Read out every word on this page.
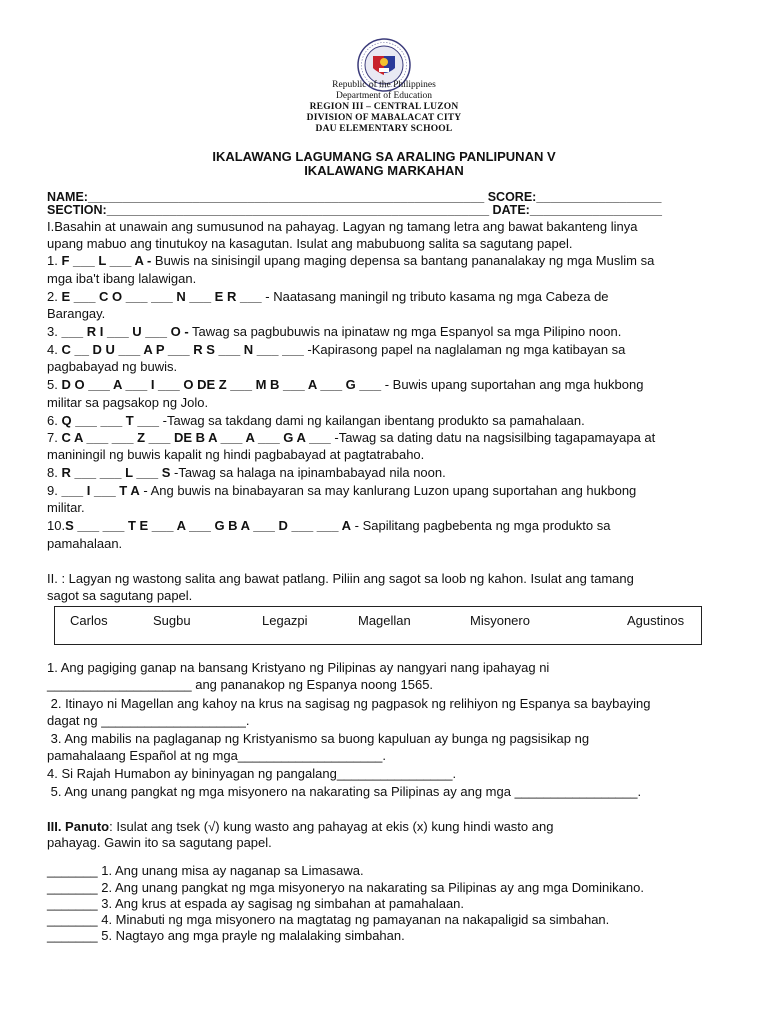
Republic of the Philippines
Department of Education
REGION III – CENTRAL LUZON
DIVISION OF MABALACAT CITY
DAU ELEMENTARY SCHOOL
IKALAWANG LAGUMANG SA ARALING PANLIPUNAN V
IKALAWANG MARKAHAN
NAME:_________________________________________________________ SCORE:__________________
SECTION:_______________________________________________________ DATE:___________________
I.Basahin at unawain ang sumusunod na pahayag. Lagyan ng tamang letra ang bawat bakanteng linya
upang mabuo ang tinutukoy na kasagutan. Isulat ang mabubuong salita sa sagutang papel.
1. F ___ L ___ A - Buwis na sinisingil upang maging depensa sa bantang pananalakay ng mga Muslim sa
mga iba't ibang lalawigan.
2. E ___ C O ___ ___ N ___ E R ___ - Naatasang maningil ng tributo kasama ng mga Cabeza de
Barangay.
3. ___ R I ___ U ___ O - Tawag sa pagbubuwis na ipinataw ng mga Espanyol sa mga Pilipino noon.
4. C __ D U ___ A P ___ R S ___ N ___ ___ -Kapirasong papel na naglalaman ng mga katibayan sa
pagbabayad ng buwis.
5. D O ___ A ___ I ___ O DE Z ___ M B ___ A ___ G ___ - Buwis upang suportahan ang mga hukbong
militar sa pagsakop ng Jolo.
6. Q ___ ___ T ___ -Tawag sa takdang dami ng kailangan ibentang produkto sa pamahalaan.
7. C A ___ ___ Z ___ DE B A ___ A ___ G A ___ -Tawag sa dating datu na nagsisilbing tagapamayapa at
maniningil ng buwis kapalit ng hindi pagbabayad at pagtatrabaho.
8. R ___ ___ L ___ S -Tawag sa halaga na ipinambabayad nila noon.
9. ___ I ___ T A - Ang buwis na binabayaran sa may kanlurang Luzon upang suportahan ang hukbong
militar.
10.S ___ ___ T E ___ A ___ G B A ___ D ___ ___ A - Sapilitang pagbebenta ng mga produkto sa
pamahalaan.
II. : Lagyan ng wastong salita ang bawat patlang. Piliin ang sagot sa loob ng kahon. Isulat ang tamang
sagot sa sagutang papel.
Carlos	Sugbu	Legazpi	Magellan	Misyonero	Agustinos
1. Ang pagiging ganap na bansang Kristyano ng Pilipinas ay nangyari nang ipahayag ni
____________________ ang pananakop ng Espanya noong 1565.
2. Itinayo ni Magellan ang kahoy na krus na sagisag ng pagpasok ng relihiyon ng Espanya sa baybaying
dagat ng ____________________.
3. Ang mabilis na paglaganap ng Kristyanismo sa buong kapuluan ay bunga ng pagsisikap ng
pamahalaang Español at ng mga____________________.
4. Si Rajah Humabon ay bininyagan ng pangalang________________.
5. Ang unang pangkat ng mga misyonero na nakarating sa Pilipinas ay ang mga _________________.
III. Panuto: Isulat ang tsek (√) kung wasto ang pahayag at ekis (x) kung hindi wasto ang
pahayag. Gawin ito sa sagutang papel.
_______ 1. Ang unang misa ay naganap sa Limasawa.
_______ 2. Ang unang pangkat ng mga misyoneryo na nakarating sa Pilipinas ay ang mga Dominikano.
_______ 3. Ang krus at espada ay sagisag ng simbahan at pamahalaan.
_______ 4. Minabuti ng mga misyonero na magtatag ng pamayanan na nakapaligid sa simbahan.
_______ 5. Nagtayo ang mga prayle ng malalaking simbahan.
